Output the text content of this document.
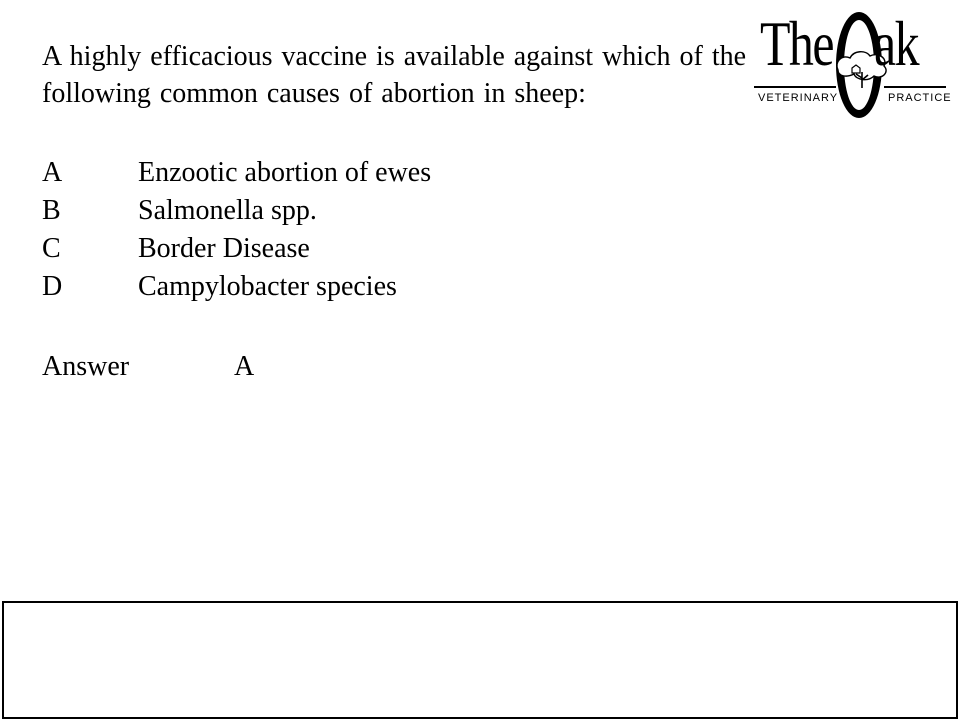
A highly efficacious vaccine is available against which of the
following common causes of abortion in sheep:

A	Enzootic abortion of ewes
B	Salmonella spp.
C	Border Disease
D	Campylobacter species
Answer	A
The ak
VETERINARY	PRACTICE
